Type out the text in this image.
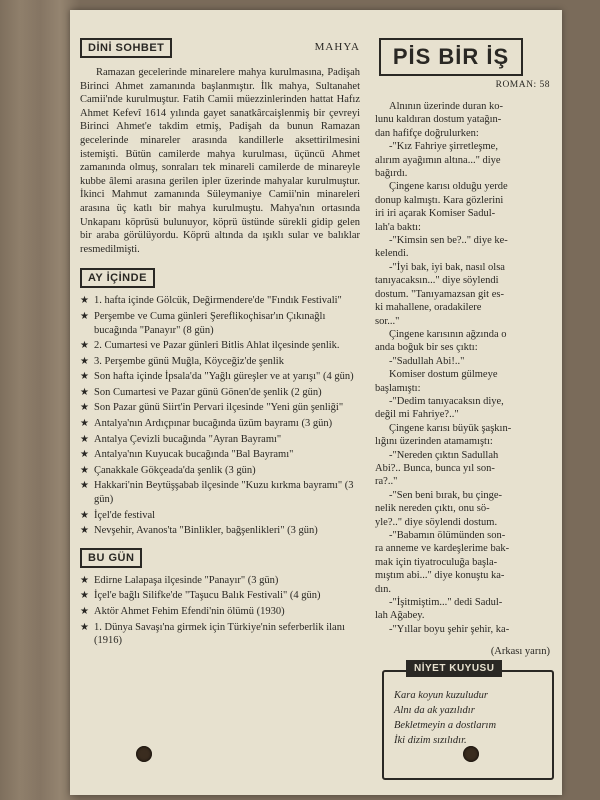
DİNİ SOHBET	MAHYA

Ramazan gecelerinde minarelere mahya kurulmasına, Padişah Birinci Ahmet zamanında başlanmıştır. İlk mahya, Sultanahet Camii'nde kurulmuştur. Fatih Camii müezzinlerinden hattat Hafız Ahmet Kefevî 1614 yılında gayet sanatkârcaişlenmiş bir çevreyi Birinci Ahmet'e takdim etmiş, Padişah da bunun Ramazan gecelerinde minareler arasında kandillerle aksettirilmesini istemişti. Bütün camilerde mahya kurulması, üçüncü Ahmet zamanında olmuş, sonraları tek minareli camilerde de minareyle kubbe âlemi arasına gerilen ipler üzerinde mahyalar kurulmuştur. İkinci Mahmut zamanında Süleymaniye Camii'nin minareleri arasına üç katlı bir mahya kurulmuştu. Mahya'nın ortasında Unkapanı köprüsü bulunuyor, köprü üstünde sürekli gidip gelen bir araba görülüyordu. Köprü altında da ışıklı sular ve balıklar resmedilmişti.

AY İÇİNDE
★ 1. hafta içinde Gölcük, Değirmendere'de "Fındık Festivali"
★ Perşembe ve Cuma günleri Şereflikoçhisar'ın Çıkınağlı bucağında "Panayır" (8 gün)
★ 2. Cumartesi ve Pazar günleri Bitlis Ahlat ilçesinde şenlik.
★ 3. Perşembe günü Muğla, Köyceğiz'de şenlik
★ Son hafta içinde İpsala'da "Yağlı güreşler ve at yarışı" (4 gün)
★ Son Cumartesi ve Pazar günü Gönen'de şenlik (2 gün)
★ Son Pazar günü Siirt'in Pervari ilçesinde "Yeni gün şenliği"
★ Antalya'nın Ardıçpınar bucağında üzüm bayramı (3 gün)
★ Antalya Çevizli bucağında "Ayran Bayramı"
★ Antalya'nın Kuyucak bucağında "Bal Bayramı"
★ Çanakkale Gökçeada'da şenlik (3 gün)
★ Hakkari'nin Beytüşşabab ilçesinde "Kuzu kırkma bayramı" (3 gün)
★ İçel'de festival
★ Nevşehir, Avanos'ta "Binlikler, bağşenlikleri" (3 gün)
BU GÜN
★ Edirne Lalapaşa ilçesinde "Panayır" (3 gün)
★ İçel'e bağlı Silifke'de "Taşucu Balık Festivali" (4 gün)
★ Aktör Ahmet Fehim Efendi'nin ölümü (1930)
★ 1. Dünya Savaşı'na girmek için Türkiye'nin seferberlik ilanı (1916)
PİS BİR İŞ
ROMAN: 58

Alnının üzerinde duran ko-

lunu kaldıran dostum yatağın-

dan hafifçe doğrulurken:

-"Kız Fahriye şirretleşme,

alırım ayağımın altına..." diye

bağırdı.

Çingene karısı olduğu yerde

donup kalmıştı. Kara gözlerini

iri iri açarak Komiser Sadul-

lah'a baktı:

-"Kimsin sen be?.." diye ke-

kelendi.

-"İyi bak, iyi bak, nasıl olsa

tanıyacaksın..." diye söylendi

dostum. "Tanıyamazsan git es-

ki mahallene, oradakilere

sor..."

Çingene karısının ağzında o

anda boğuk bir ses çıktı:

-"Sadullah Abi!.."

Komiser dostum gülmeye

başlamıştı:

-"Dedim tanıyacaksın diye,

değil mi Fahriye?.."

Çingene karısı büyük şaşkın-

lığını üzerinden atamamıştı:

-"Nereden çıktın Sadullah

Abi?.. Bunca, bunca yıl son-

ra?.."

-"Sen beni bırak, bu çinge-

nelik nereden çıktı, onu sö-

yle?.." diye söylendi dostum.

-"Babamın ölümünden son-

ra anneme ve kardeşlerime bak-

mak için tiyatroculuğa başla-

mıştım abi..." diye konuştu ka-

dın.

-"İşitmiştim..." dedi Sadul-

lah Ağabey.

-"Yıllar boyu şehir şehir, ka-

(Arkası yarın)
NİYET KUYUSU
Kara koyun kuzuludur
Alnı da ak yazılıdır
Bekletmeyin a dostlarım
İki dizim sızılıdır.
